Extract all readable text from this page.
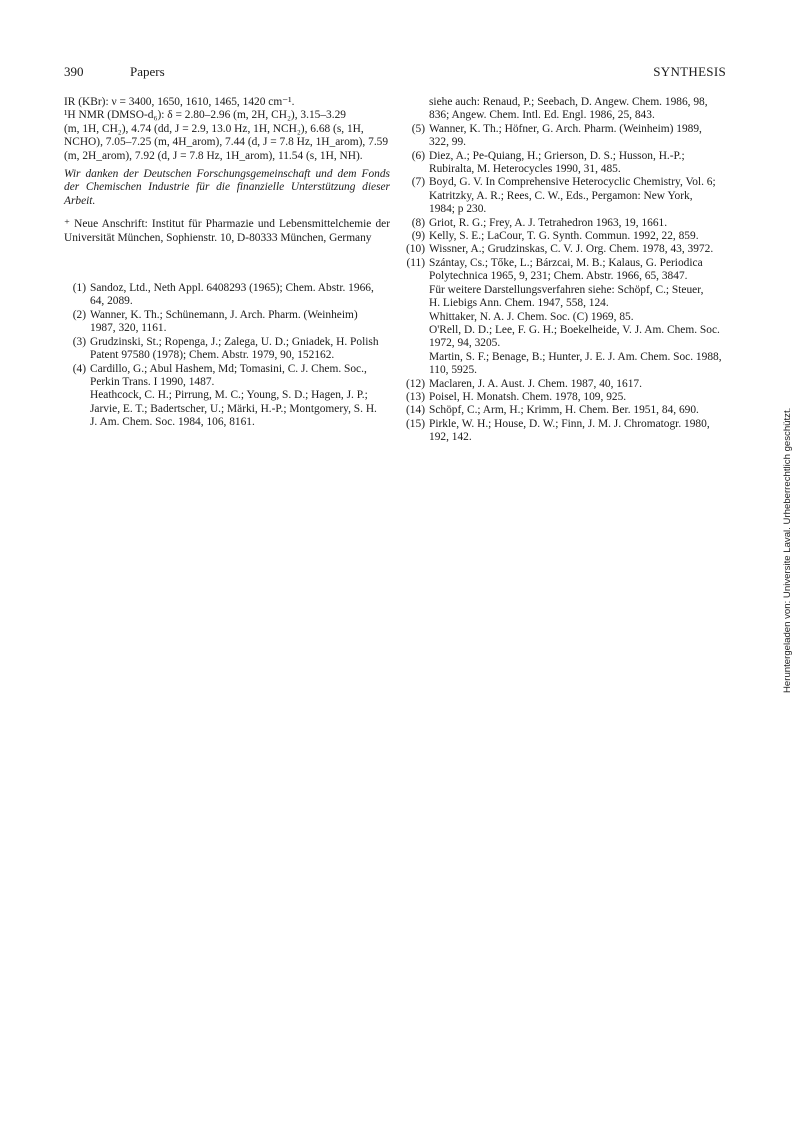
390	Papers	SYNTHESIS

IR (KBr): ν = 3400, 1650, 1610, 1465, 1420 cm⁻¹.

¹H NMR (DMSO-d₆): δ = 2.80–2.96 (m, 2H, CH₂), 3.15–3.29
(m, 1H, CH₂), 4.74 (dd, J = 2.9, 13.0 Hz, 1H, NCH₂), 6.68 (s, 1H,
NCHO), 7.05–7.25 (m, 4H_arom), 7.44 (d, J = 7.8 Hz, 1H_arom), 7.59
(m, 2H_arom), 7.92 (d, J = 7.8 Hz, 1H_arom), 11.54 (s, 1H, NH).

Wir danken der Deutschen Forschungsgemeinschaft und dem Fonds der Chemischen Industrie für die finanzielle Unterstützung dieser Arbeit.

⁺ Neue Anschrift: Institut für Pharmazie und Lebensmittelchemie der Universität München, Sophienstr. 10, D-80333 München, Germany

(1) Sandoz, Ltd., Neth Appl. 6408293 (1965); Chem. Abstr. 1966,
64, 2089.
(2) Wanner, K. Th.; Schünemann, J. Arch. Pharm. (Weinheim)
1987, 320, 1161.
(3) Grudzinski, St.; Ropenga, J.; Zalega, U. D.; Gniadek, H. Polish
Patent 97580 (1978); Chem. Abstr. 1979, 90, 152162.
(4) Cardillo, G.; Abul Hashem, Md; Tomasini, C. J. Chem. Soc.,
Perkin Trans. I 1990, 1487.
Heathcock, C. H.; Pirrung, M. C.; Young, S. D.; Hagen, J. P.;
Jarvie, E. T.; Badertscher, U.; Märki, H.-P.; Montgomery, S. H.
J. Am. Chem. Soc. 1984, 106, 8161.
siehe auch: Renaud, P.; Seebach, D. Angew. Chem. 1986, 98,
836; Angew. Chem. Intl. Ed. Engl. 1986, 25, 843.
(5) Wanner, K. Th.; Höfner, G. Arch. Pharm. (Weinheim) 1989,
322, 99.
(6) Diez, A.; Pe-Quiang, H.; Grierson, D. S.; Husson, H.-P.;
Rubiralta, M. Heterocycles 1990, 31, 485.
(7) Boyd, G. V. In Comprehensive Heterocyclic Chemistry, Vol. 6;
Katritzky, A. R.; Rees, C. W., Eds., Pergamon: New York,
1984; p 230.
(8) Griot, R. G.; Frey, A. J. Tetrahedron 1963, 19, 1661.
(9) Kelly, S. E.; LaCour, T. G. Synth. Commun. 1992, 22, 859.
(10) Wissner, A.; Grudzinskas, C. V. J. Org. Chem. 1978, 43, 3972.
(11) Szántay, Cs.; Tőke, L.; Bárzcai, M. B.; Kalaus, G. Periodica
Polytechnica 1965, 9, 231; Chem. Abstr. 1966, 65, 3847.
Für weitere Darstellungsverfahren siehe: Schöpf, C.; Steuer,
H. Liebigs Ann. Chem. 1947, 558, 124.
Whittaker, N. A. J. Chem. Soc. (C) 1969, 85.
O'Rell, D. D.; Lee, F. G. H.; Boekelheide, V. J. Am. Chem. Soc.
1972, 94, 3205.
Martin, S. F.; Benage, B.; Hunter, J. E. J. Am. Chem. Soc. 1988,
110, 5925.
(12) Maclaren, J. A. Aust. J. Chem. 1987, 40, 1617.
(13) Poisel, H. Monatsh. Chem. 1978, 109, 925.
(14) Schöpf, C.; Arm, H.; Krimm, H. Chem. Ber. 1951, 84, 690.
(15) Pirkle, W. H.; House, D. W.; Finn, J. M. J. Chromatogr. 1980,
192, 142.	Heruntergeladen von: Universite Laval. Urheberrechtlich geschützt.
